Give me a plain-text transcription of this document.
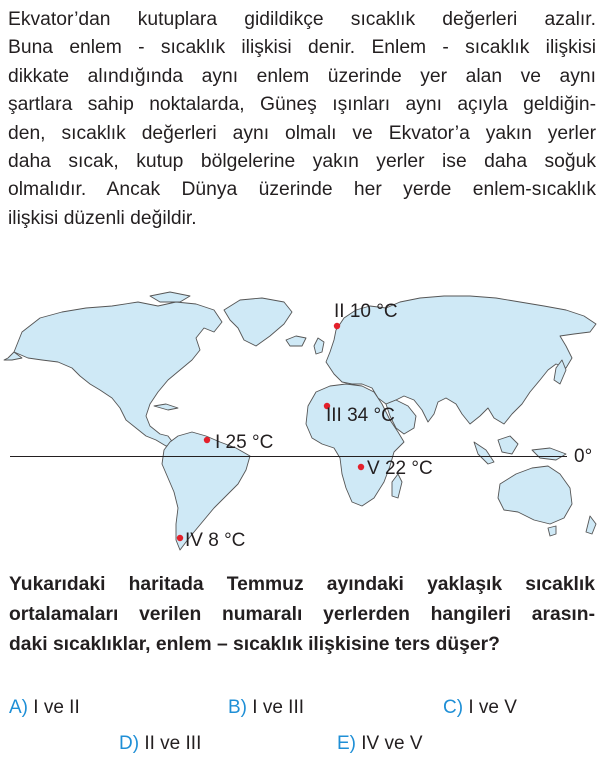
Ekvator’dan kutuplara gidildikçe sıcaklık değerleri azalır.
Buna enlem - sıcaklık ilişkisi denir. Enlem - sıcaklık ilişkisi
dikkate alındığında aynı enlem üzerinde yer alan ve aynı
şartlara sahip noktalarda, Güneş ışınları aynı açıyla geldiğin-
den, sıcaklık değerleri aynı olmalı ve Ekvator’a yakın yerler
daha sıcak, kutup bölgelerine yakın yerler ise daha soğuk
olmalıdır. Ancak Dünya üzerinde her yerde enlem-sıcaklık
ilişkisi düzenli değildir.
0°
II 10 °C
III 34 °C
I 25 °C
V 22 °C
IV 8 °C
Yukarıdaki haritada Temmuz ayındaki yaklaşık sıcaklık
ortalamaları verilen numaralı yerlerden hangileri arasın-
daki sıcaklıklar, enlem – sıcaklık ilişkisine ters düşer?
A) I ve II	B) I ve III	C) I ve V
D) II ve III	E) IV ve V
